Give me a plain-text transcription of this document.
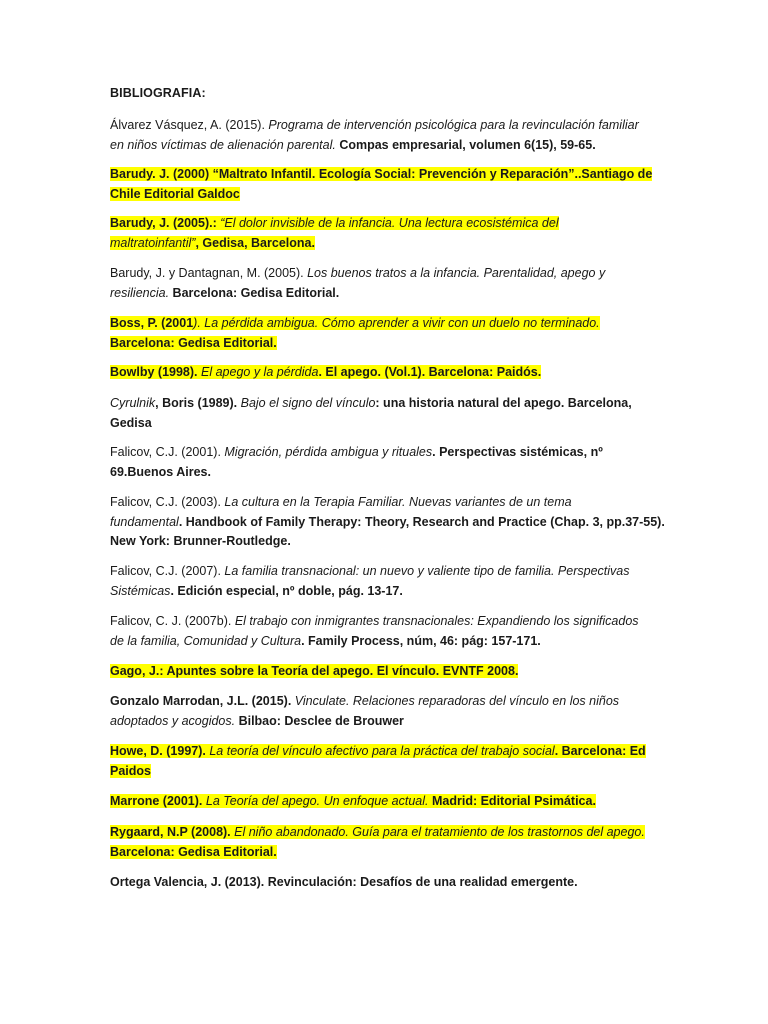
BIBLIOGRAFIA:
Álvarez Vásquez, A. (2015). Programa de intervención psicológica para la revinculación familiar
en niños víctimas de alienación parental. Compas empresarial, volumen 6(15), 59-65.
Barudy. J. (2000) “Maltrato Infantil. Ecología Social: Prevención y Reparación”..Santiago de
Chile Editorial Galdoc
Barudy, J. (2005).: “El dolor invisible de la infancia. Una lectura ecosistémica del
maltratoinfantil”, Gedisa, Barcelona.
Barudy, J. y Dantagnan, M. (2005). Los buenos tratos a la infancia. Parentalidad, apego y
resiliencia. Barcelona: Gedisa Editorial.
Boss, P. (2001). La pérdida ambigua. Cómo aprender a vivir con un duelo no terminado.
Barcelona: Gedisa Editorial.
Bowlby (1998). El apego y la pérdida. El apego. (Vol.1). Barcelona: Paidós.
Cyrulnik, Boris (1989). Bajo el signo del vínculo: una historia natural del apego. Barcelona,
Gedisa
Falicov, C.J. (2001). Migración, pérdida ambigua y rituales. Perspectivas sistémicas, nº
69.Buenos Aires.
Falicov, C.J. (2003). La cultura en la Terapia Familiar. Nuevas variantes de un tema
fundamental. Handbook of Family Therapy: Theory, Research and Practice (Chap. 3, pp.37-55).
New York: Brunner-Routledge.
Falicov, C.J. (2007). La familia transnacional: un nuevo y valiente tipo de familia. Perspectivas
Sistémicas. Edición especial, nº doble, pág. 13-17.
Falicov, C. J. (2007b). El trabajo con inmigrantes transnacionales: Expandiendo los significados
de la familia, Comunidad y Cultura. Family Process, núm, 46: pág: 157-171.
Gago, J.: Apuntes sobre la Teoría del apego. El vínculo. EVNTF 2008.
Gonzalo Marrodan, J.L. (2015). Vinculate. Relaciones reparadoras del vínculo en los niños
adoptados y acogidos. Bilbao: Desclee de Brouwer
Howe, D. (1997). La teoría del vínculo afectivo para la práctica del trabajo social. Barcelona: Ed
Paidos
Marrone (2001). La Teoría del apego. Un enfoque actual. Madrid: Editorial Psimática.
Rygaard, N.P (2008). El niño abandonado. Guía para el tratamiento de los trastornos del apego.
Barcelona: Gedisa Editorial.
Ortega Valencia, J. (2013). Revinculación: Desafíos de una realidad emergente.
